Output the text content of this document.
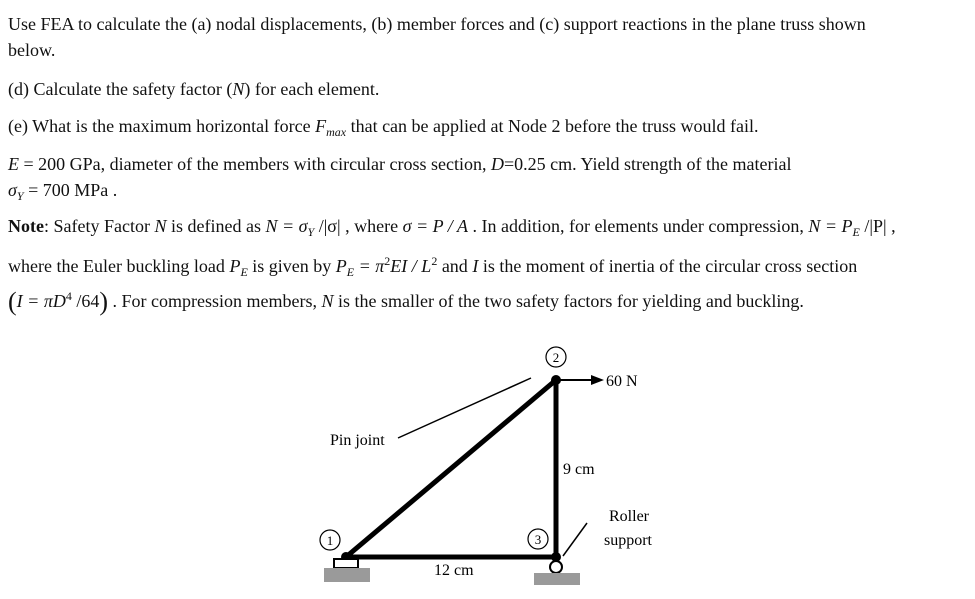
Use FEA to calculate the (a) nodal displacements, (b) member forces and (c) support reactions in the plane truss shown
below.
(d) Calculate the safety factor (N) for each element.
(e) What is the maximum horizontal force $F_{max}$ that can be applied at Node 2 before the truss would fail.
E = 200 GPa, diameter of the members with circular cross section, D=0.25 cm. Yield strength of the material
$\sigma_Y = 700$ MPa .
Note: Safety Factor N is defined as $N = \sigma_Y$ /|σ| , where σ = P / A . In addition, for elements under compression, $N = P_E$ /|P| ,
where the Euler buckling load $P_E$ is given by $P_E = \pi^2EI / L^2$ and I is the moment of inertia of the circular cross section
($I = \pi D^4$ /64) . For compression members, N is the smaller of the two safety factors for yielding and buckling.
1
2
3
60 N
Pin joint
9 cm
12 cm
Roller
support
